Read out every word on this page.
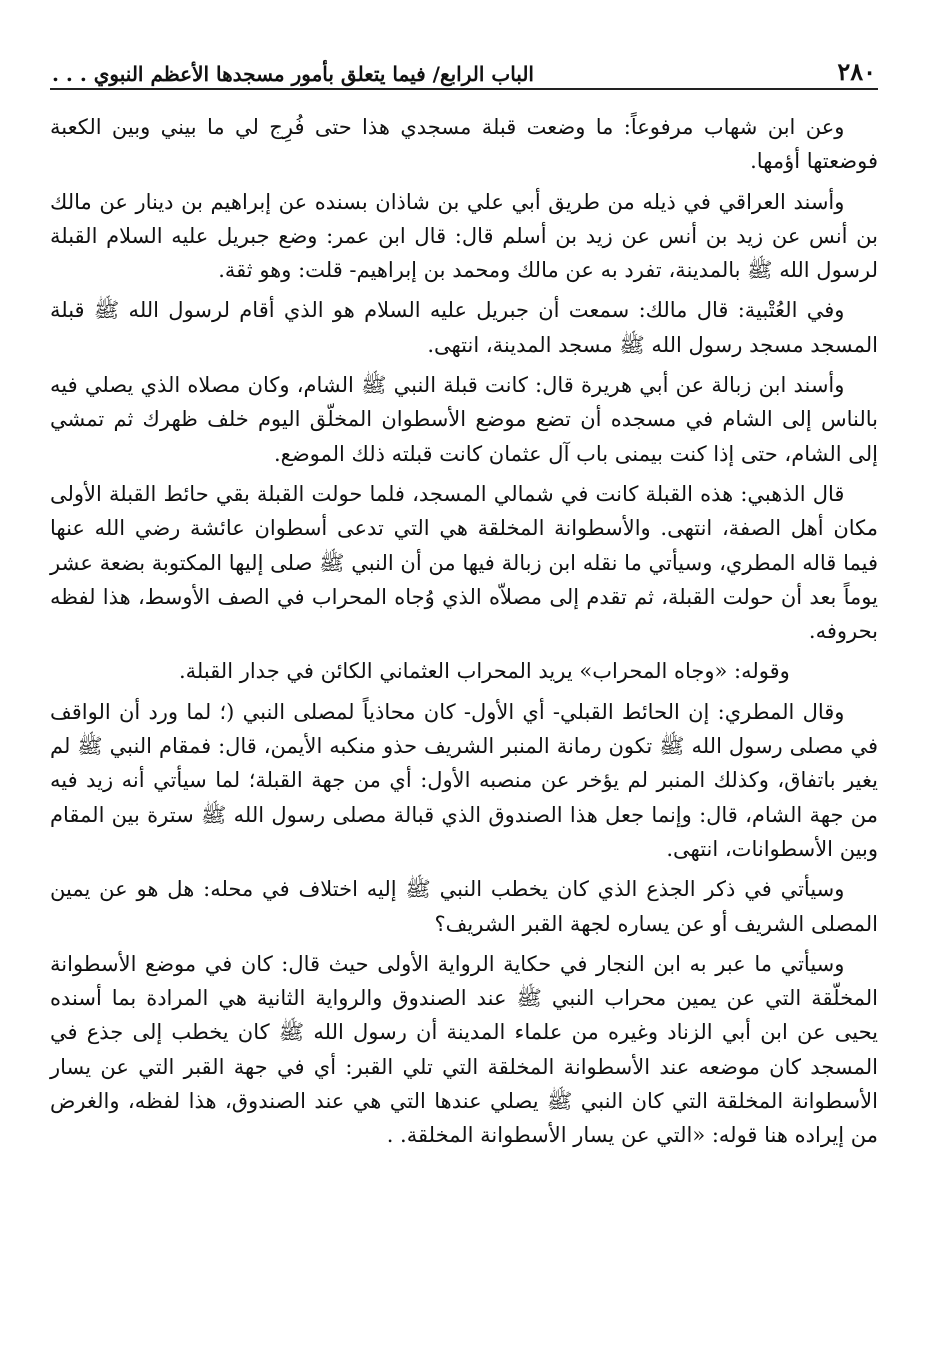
٢٨٠
الباب الرابع/ فيما يتعلق بأمور مسجدها الأعظم النبوي . . .

وعن ابن شهاب مرفوعاً: ما وضعت قبلة مسجدي هذا حتى فُرِج لي ما بيني وبين الكعبة فوضعتها أؤمها.

وأسند العراقي في ذيله من طريق أبي علي بن شاذان بسنده عن إبراهيم بن دينار عن مالك بن أنس عن زيد بن أنس عن زيد بن أسلم قال: قال ابن عمر: وضع جبريل عليه السلام القبلة لرسول الله ﷺ بالمدينة، تفرد به عن مالك ومحمد بن إبراهيم- قلت: وهو ثقة.

وفي العُتْبية: قال مالك: سمعت أن جبريل عليه السلام هو الذي أقام لرسول الله ﷺ قبلة المسجد مسجد رسول الله ﷺ مسجد المدينة، انتهى.

وأسند ابن زبالة عن أبي هريرة قال: كانت قبلة النبي ﷺ الشام، وكان مصلاه الذي يصلي فيه بالناس إلى الشام في مسجده أن تضع موضع الأسطوان المخلّق اليوم خلف ظهرك ثم تمشي إلى الشام، حتى إذا كنت بيمنى باب آل عثمان كانت قبلته ذلك الموضع.

قال الذهبي: هذه القبلة كانت في شمالي المسجد، فلما حولت القبلة بقي حائط القبلة الأولى مكان أهل الصفة، انتهى. والأسطوانة المخلقة هي التي تدعى أسطوان عائشة رضي الله عنها فيما قاله المطري، وسيأتي ما نقله ابن زبالة فيها من أن النبي ﷺ صلى إليها المكتوبة بضعة عشر يوماً بعد أن حولت القبلة، ثم تقدم إلى مصلاّه الذي وُجاه المحراب في الصف الأوسط، هذا لفظه بحروفه.

وقوله: «وجاه المحراب» يريد المحراب العثماني الكائن في جدار القبلة.

وقال المطري: إن الحائط القبلي- أي الأول- كان محاذياً لمصلى النبي (؛ لما ورد أن الواقف في مصلى رسول الله ﷺ تكون رمانة المنبر الشريف حذو منكبه الأيمن، قال: فمقام النبي ﷺ لم يغير باتفاق، وكذلك المنبر لم يؤخر عن منصبه الأول: أي من جهة القبلة؛ لما سيأتي أنه زيد فيه من جهة الشام، قال: وإنما جعل هذا الصندوق الذي قبالة مصلى رسول الله ﷺ سترة بين المقام وبين الأسطوانات، انتهى.

وسيأتي في ذكر الجذع الذي كان يخطب النبي ﷺ إليه اختلاف في محله: هل هو عن يمين المصلى الشريف أو عن يساره لجهة القبر الشريف؟

وسيأتي ما عبر به ابن النجار في حكاية الرواية الأولى حيث قال: كان في موضع الأسطوانة المخلّقة التي عن يمين محراب النبي ﷺ عند الصندوق والرواية الثانية هي المرادة بما أسنده يحيى عن ابن أبي الزناد وغيره من علماء المدينة أن رسول الله ﷺ كان يخطب إلى جذع في المسجد كان موضعه عند الأسطوانة المخلقة التي تلي القبر: أي في جهة القبر التي عن يسار الأسطوانة المخلقة التي كان النبي ﷺ يصلي عندها التي هي عند الصندوق، هذا لفظه، والغرض من إيراده هنا قوله: «التي عن يسار الأسطوانة المخلقة. .
